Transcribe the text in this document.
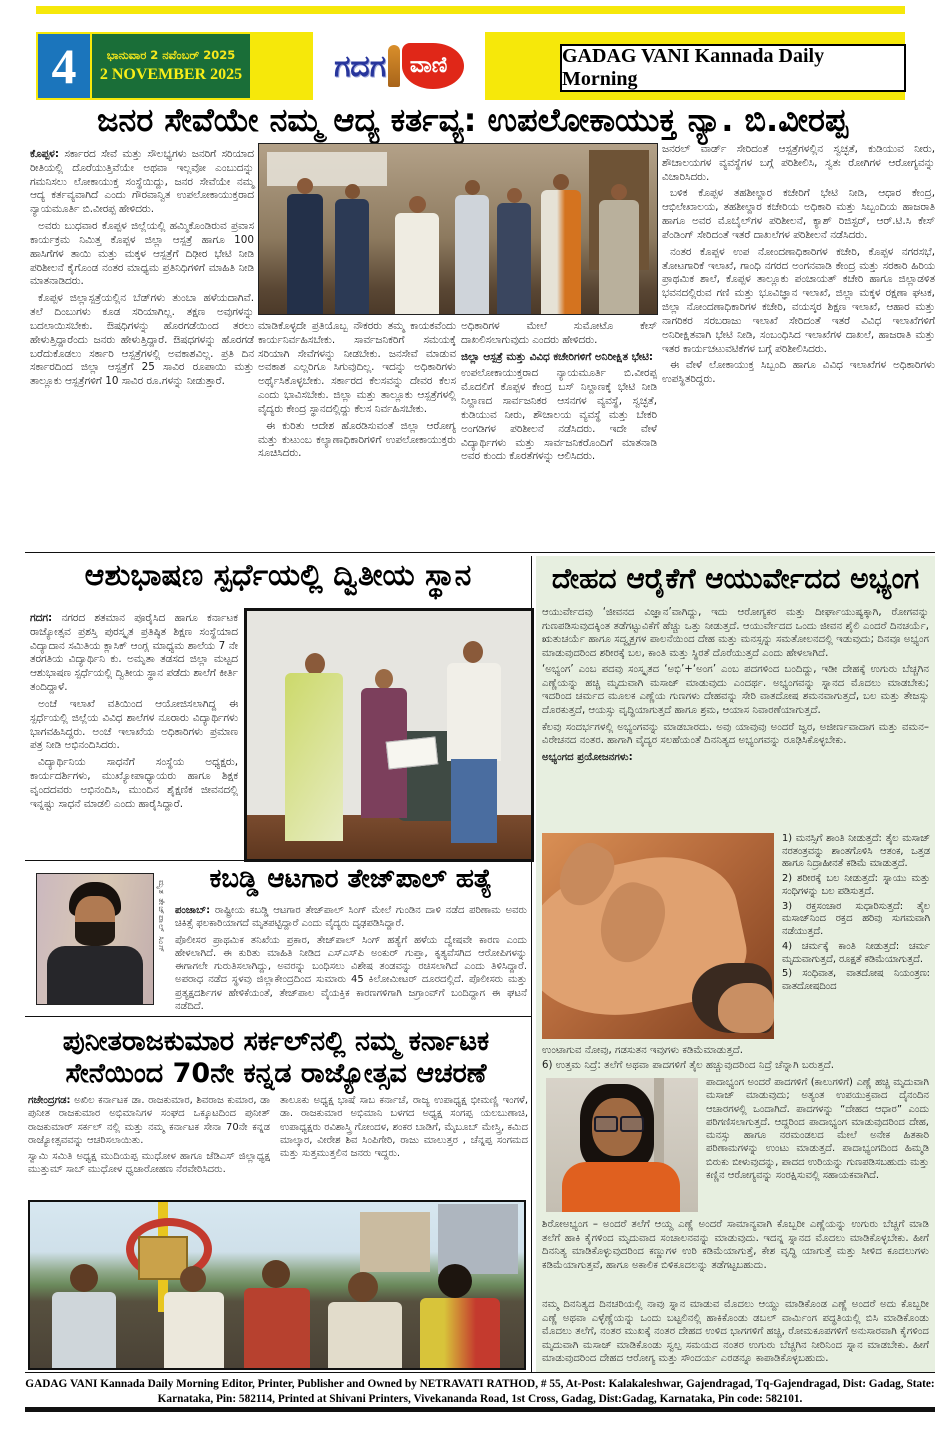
4	ಭಾನುವಾರ 2 ನವೆಂಬರ್ 2025
2 NOVEMBER 2025	ಗದಗ ವಾಣಿ	GADAG VANI Kannada Daily Morning
ಜನರ ಸೇವೆಯೇ ನಮ್ಮ ಆದ್ಯ ಕರ್ತವ್ಯ: ಉಪಲೋಕಾಯುಕ್ತ ನ್ಯಾ. ಬಿ.ವೀರಪ್ಪ

ಕೊಪ್ಪಳ: ಸರ್ಕಾರದ ಸೇವೆ ಮತ್ತು ಸೌಲಭ್ಯಗಳು ಜನರಿಗೆ ಸರಿಯಾದ ರೀತಿಯಲ್ಲಿ ದೊರೆಯುತ್ತಿವೆಯೇ ಅಥವಾ ಇಲ್ಲವೋ ಎಂಬುದನ್ನು ಗಮನಿಸಲು ಲೋಕಾಯುಕ್ತ ಸಂಸ್ಥೆಯಿದ್ದು, ಜನರ ಸೇವೆಯೇ ನಮ್ಮ ಆದ್ಯ ಕರ್ತವ್ಯವಾಗಿದೆ ಎಂದು ಗೌರವಾನ್ವಿತ ಉಪಲೋಕಾಯುಕ್ತರಾದ ನ್ಯಾಯಮೂರ್ತಿ ಬಿ.ವೀರಪ್ಪ ಹೇಳಿದರು.

ಅವರು ಬುಧವಾರ ಕೊಪ್ಪಳ ಜಿಲ್ಲೆಯಲ್ಲಿ ಹಮ್ಮಿಕೊಂಡಿರುವ ಪ್ರವಾಸ ಕಾರ್ಯಕ್ರಮ ನಿಮಿತ್ತ ಕೊಪ್ಪಳ ಜಿಲ್ಲಾ ಆಸ್ಪತ್ರೆ ಹಾಗೂ 100 ಹಾಸಿಗೆಗಳ ತಾಯಿ ಮತ್ತು ಮಕ್ಕಳ ಆಸ್ಪತ್ರೆಗೆ ದಿಢೀರ ಭೇಟಿ ನೀಡಿ ಪರಿಶೀಲನೆ ಕೈಗೊಂಡ ನಂತರ ಮಾಧ್ಯಮ ಪ್ರತಿನಿಧಿಗಳಿಗೆ ಮಾಹಿತಿ ನೀಡಿ ಮಾತನಾಡಿದರು.

ಕೊಪ್ಪಳ ಜಿಲ್ಲಾಸ್ಪತ್ರೆಯಲ್ಲಿನ ಬೆಡ್‌ಗಳು ತುಂಬಾ ಹಳೆಯದಾಗಿವೆ. ತಲೆ ದಿಂಬುಗಳು ಕೂಡ ಸರಿಯಾಗಿಲ್ಲ. ತಕ್ಷಣ ಅವುಗಳನ್ನು ಬದಲಾಯಿಸಬೇಕು. ಔಷಧಿಗಳನ್ನು ಹೊರಗಡೆಯಿಂದ ತರಲು ಹೇಳುತ್ತಿದ್ದಾರೆಂದು ಜನರು ಹೇಳುತ್ತಿದ್ದಾರೆ. ಔಷಧಗಳನ್ನು ಹೊರಗಡೆ ಬರೆದುಕೊಡಲು ಸರ್ಕಾರಿ ಆಸ್ಪತ್ರೆಗಳಲ್ಲಿ ಅವಕಾಶವಿಲ್ಲ. ಪ್ರತಿ ದಿನ ಸರ್ಕಾರದಿಂದ ಜಿಲ್ಲಾ ಆಸ್ಪತ್ರೆಗೆ 25 ಸಾವಿರ ರೂಪಾಯಿ ಮತ್ತು ತಾಲ್ಲೂಕು ಆಸ್ಪತ್ರೆಗಳಿಗೆ 10 ಸಾವಿರ ರೂ.ಗಳನ್ನು ನೀಡುತ್ತಾರೆ.

ಮಾಡಿಕೊಳ್ಳದೇ ಪ್ರತಿಯೊಬ್ಬ ನೌಕರರು ತಮ್ಮ ಕಾಯಕವೆಂದು ಕಾರ್ಯನಿರ್ವಹಿಸಬೇಕು. ಸಾರ್ವಜನಿಕರಿಗೆ ಸಮಯಕ್ಕೆ ಸರಿಯಾಗಿ ಸೇವೆಗಳನ್ನು ನೀಡಬೇಕು. ಜನಸೇವೆ ಮಾಡುವ ಅವಕಾಶ ಎಲ್ಲರಿಗೂ ಸಿಗುವುದಿಲ್ಲ. ಇದನ್ನು ಅಧಿಕಾರಿಗಳು ಅರ್ಥೈಸಿಕೊಳ್ಳಬೇಕು. ಸರ್ಕಾರದ ಕೆಲಸವನ್ನು ದೇವರ ಕೆಲಸ ಎಂದು ಭಾವಿಸಬೇಕು. ಜಿಲ್ಲಾ ಮತ್ತು ತಾಲ್ಲೂಕು ಆಸ್ಪತ್ರೆಗಳಲ್ಲಿ ವೈದ್ಯರು ಕೇಂದ್ರ ಸ್ಥಾನದಲ್ಲಿದ್ದು ಕೆಲಸ ನಿರ್ವಹಿಸಬೇಕು.

ಈ ಕುರಿತು ಆದೇಶ ಹೊರಡಿಸುವಂತೆ ಜಿಲ್ಲಾ ಆರೋಗ್ಯ ಮತ್ತು ಕುಟುಂಬ ಕಲ್ಯಾಣಾಧಿಕಾರಿಗಳಿಗೆ ಉಪಲೋಕಾಯುಕ್ತರು ಸೂಚಿಸಿದರು.

ಅಧಿಕಾರಿಗಳ ಮೇಲೆ ಸುಮೋಟೊ ಕೇಸ್ ದಾಖಲಿಸಲಾಗುವುದು ಎಂದರು ಹೇಳಿದರು.

ಜಿಲ್ಲಾ ಆಸ್ಪತ್ರೆ ಮತ್ತು ವಿವಿಧ ಕಚೇರಿಗಳಿಗೆ ಅನಿರೀಕ್ಷಿತ ಭೇಟಿ:

ಉಪಲೋಕಾಯುಕ್ತರಾದ ನ್ಯಾಯಮೂರ್ತಿ ಬಿ.ವೀರಪ್ಪ ಮೊದಲಿಗೆ ಕೊಪ್ಪಳ ಕೇಂದ್ರ ಬಸ್ ನಿಲ್ದಾಣಕ್ಕೆ ಭೇಟಿ ನೀಡಿ ನಿಲ್ದಾಣದ ಸಾರ್ವಜನಿಕರ ಆಸನಗಳ ವ್ಯವಸ್ಥೆ, ಸ್ವಚ್ಛತೆ, ಕುಡಿಯುವ ನೀರು, ಶೌಚಾಲಯ ವ್ಯವಸ್ಥೆ ಮತ್ತು ಬೇಕರಿ ಅಂಗಡಿಗಳ ಪರಿಶೀಲನೆ ನಡೆಸಿದರು. ಇದೇ ವೇಳೆ ವಿದ್ಯಾರ್ಥಿಗಳು ಮತ್ತು ಸಾರ್ವಜನಿಕರೊಂದಿಗೆ ಮಾತನಾಡಿ ಅವರ ಕುಂದು ಕೊರತೆಗಳನ್ನು ಆಲಿಸಿದರು.

ಜನರಲ್ ವಾರ್ಡ್ ಸೇರಿದಂತೆ ಆಸ್ಪತ್ರೆಗಳಲ್ಲಿನ ಸ್ವಚ್ಛತೆ, ಕುಡಿಯುವ ನೀರು, ಶೌಚಾಲಯಗಳ ವ್ಯವಸ್ಥೆಗಳ ಬಗ್ಗೆ ಪರಿಶೀಲಿಸಿ, ಸ್ವತಃ ರೋಗಿಗಳ ಆರೋಗ್ಯವನ್ನು ವಿಚಾರಿಸಿದರು.

ಬಳಿಕ ಕೊಪ್ಪಳ ತಹಶೀಲ್ದಾರ ಕಚೇರಿಗೆ ಭೇಟಿ ನೀಡಿ, ಆಧಾರ ಕೇಂದ್ರ, ಆಭಿಲೇಖಾಲಯ, ತಹಶೀಲ್ದಾರ ಕಚೇರಿಯ ಅಧಿಕಾರಿ ಮತ್ತು ಸಿಬ್ಬಂದಿಯ ಹಾಜರಾತಿ ಹಾಗೂ ಅವರ ಮೊಬೈಲ್‌ಗಳ ಪರಿಶೀಲನೆ, ಕ್ಯಾಶ್ ರಿಜಿಸ್ಟರ್, ಆರ್.ಟಿ.ಸಿ ಕೇಸ್ ಪೆಂಡಿಂಗ್ ಸೇರಿದಂತೆ ಇತರೆ ದಾಖಲೆಗಳ ಪರಿಶೀಲನೆ ನಡೆಸಿದರು.

ನಂತರ ಕೊಪ್ಪಳ ಉಪ ನೋಂದಣಾಧಿಕಾರಿಗಳ ಕಚೇರಿ, ಕೊಪ್ಪಳ ನಗರಸಭೆ, ತೋಟಗಾರಿಕೆ ಇಲಾಖೆ, ಗಾಂಧಿ ನಗರದ ಅಂಗನವಾಡಿ ಕೇಂದ್ರ ಮತ್ತು ಸರಕಾರಿ ಹಿರಿಯ ಪ್ರಾಥಮಿಕ ಶಾಲೆ, ಕೊಪ್ಪಳ ತಾಲ್ಲೂಕು ಪಂಚಾಯತ್ ಕಚೇರಿ ಹಾಗೂ ಜಿಲ್ಲಾಡಳಿತ ಭವನದಲ್ಲಿರುವ ಗಣಿ ಮತ್ತು ಭೂವಿಜ್ಞಾನ ಇಲಾಖೆ, ಜಿಲ್ಲಾ ಮಕ್ಕಳ ರಕ್ಷಣಾ ಘಟಕ, ಜಿಲ್ಲಾ ನೋಂದಣಾಧಿಕಾರಿಗಳ ಕಚೇರಿ, ವಯಸ್ಕರ ಶಿಕ್ಷಣ ಇಲಾಖೆ, ಆಹಾರ ಮತ್ತು ನಾಗರಿಕರ ಸರಬರಾಜು ಇಲಾಖೆ ಸೇರಿದಂತೆ ಇತರೆ ವಿವಿಧ ಇಲಾಖೆಗಳಿಗೆ ಅನಿರೀಕ್ಷಿತವಾಗಿ ಭೇಟಿ ನೀಡಿ, ಸಂಬಂಧಿಸಿದ ಇಲಾಖೆಗಳ ದಾಖಲೆ, ಹಾಜರಾತಿ ಮತ್ತು ಇತರ ಕಾರ್ಯಚಟುವಟಿಕೆಗಳ ಬಗ್ಗೆ ಪರಿಶೀಲಿಸಿದರು.

ಈ ವೇಳೆ ಲೋಕಾಯುಕ್ತ ಸಿಬ್ಬಂದಿ ಹಾಗೂ ವಿವಿಧ ಇಲಾಖೆಗಳ ಅಧಿಕಾರಿಗಳು ಉಪಸ್ಥಿತರಿದ್ದರು.

ಆಶುಭಾಷಣ ಸ್ಪರ್ಧೆಯಲ್ಲಿ ದ್ವಿತೀಯ ಸ್ಥಾನ

ಗದಗ: ನಗರದ ಶತಮಾನ ಪೂರೈಸಿದ ಹಾಗೂ ಕರ್ನಾಟಕ ರಾಜ್ಯೋತ್ಸವ ಪ್ರಶಸ್ತಿ ಪುರಸ್ಕೃತ ಪ್ರತಿಷ್ಠಿತ ಶಿಕ್ಷಣ ಸಂಸ್ಥೆಯಾದ ವಿದ್ಯಾದಾನ ಸಮಿತಿಯ ಕ್ಲಾಸಿಕ್ ಆಂಗ್ಲ ಮಾಧ್ಯಮ ಶಾಲೆಯ 7 ನೇ ತರಗತಿಯ ವಿದ್ಯಾರ್ಥಿನಿ ಕು. ಅಮೃತಾ ತಡಸದ ಜಿಲ್ಲಾ ಮಟ್ಟದ ಆಶುಭಾಷಣ ಸ್ಪರ್ಧೆಯಲ್ಲಿ ದ್ವಿತೀಯ ಸ್ಥಾನ ಪಡೆದು ಶಾಲೆಗೆ ಕೀರ್ತಿ ತಂದಿದ್ದಾಳೆ.

ಅಂಚೆ ಇಲಾಖೆ ವತಿಯಿಂದ ಆಯೋಜಿಸಲಾಗಿದ್ದ ಈ ಸ್ಪರ್ಧೆಯಲ್ಲಿ ಜಿಲ್ಲೆಯ ವಿವಿಧ ಶಾಲೆಗಳ ನೂರಾರು ವಿದ್ಯಾರ್ಥಿಗಳು ಭಾಗವಹಿಸಿದ್ದರು. ಅಂಚೆ ಇಲಾಖೆಯ ಅಧಿಕಾರಿಗಳು ಪ್ರಮಾಣ ಪತ್ರ ನೀಡಿ ಅಭಿನಂದಿಸಿದರು.

ವಿದ್ಯಾರ್ಥಿನಿಯ ಸಾಧನೆಗೆ ಸಂಸ್ಥೆಯ ಅಧ್ಯಕ್ಷರು, ಕಾರ್ಯದರ್ಶಿಗಳು, ಮುಖ್ಯೋಪಾಧ್ಯಾಯರು ಹಾಗೂ ಶಿಕ್ಷಕ ವೃಂದದವರು ಅಭಿನಂದಿಸಿ, ಮುಂದಿನ ಶೈಕ್ಷಣಿಕ ಜೀವನದಲ್ಲಿ ಇನ್ನಷ್ಟು ಸಾಧನೆ ಮಾಡಲಿ ಎಂದು ಹಾರೈಸಿದ್ದಾರೆ.

ಮೃತ ತೇಜ್‌ಪಾಲ್ ಸಿಂಗ್
ಕಬಡ್ಡಿ ಆಟಗಾರ ತೇಜ್‌ಪಾಲ್ ಹತ್ಯೆ

ಪಂಜಾಬ್: ರಾಷ್ಟ್ರೀಯ ಕಬಡ್ಡಿ ಆಟಗಾರ ತೇಜ್‌ಪಾಲ್ ಸಿಂಗ್ ಮೇಲೆ ಗುಂಡಿನ ದಾಳಿ ನಡೆದ ಪರಿಣಾಮ ಅವರು ಚಿಕಿತ್ಸೆ ಫಲಕಾರಿಯಾಗದೆ ಮೃತಪಟ್ಟಿದ್ದಾರೆ ಎಂದು ವೈದ್ಯರು ದೃಢಪಡಿಸಿದ್ದಾರೆ.

ಪೊಲೀಸರ ಪ್ರಾಥಮಿಕ ತನಿಖೆಯ ಪ್ರಕಾರ, ತೇಜ್‌ಪಾಲ್ ಸಿಂಗ್ ಹತ್ಯೆಗೆ ಹಳೆಯ ದ್ವೇಷವೇ ಕಾರಣ ಎಂದು ಹೇಳಲಾಗಿದೆ. ಈ ಕುರಿತು ಮಾಹಿತಿ ನೀಡಿದ ಎಸ್‌ಎಸ್‌ಪಿ ಅಂಕುರ್ ಗುಪ್ತಾ, ಕೃತ್ಯವೆಸಗಿದ ಆರೋಪಿಗಳನ್ನು ಈಗಾಗಲೇ ಗುರುತಿಸಲಾಗಿದ್ದು, ಅವರನ್ನು ಬಂಧಿಸಲು ವಿಶೇಷ ತಂಡವನ್ನು ರಚಿಸಲಾಗಿದೆ ಎಂದು ತಿಳಿಸಿದ್ದಾರೆ. ಅಪರಾಧ ನಡೆದ ಸ್ಥಳವು ಜಿಲ್ಲಾಕೇಂದ್ರದಿಂದ ಸುಮಾರು 45 ಕಿಲೋಮೀಟರ್ ದೂರದಲ್ಲಿದೆ. ಪೊಲೀಸರು ಮತ್ತು ಪ್ರತ್ಯಕ್ಷದರ್ಶಿಗಳ ಹೇಳಿಕೆಯಂತೆ, ತೇಜ್‌ಪಾಲ ವೈಯಕ್ತಿಕ ಕಾರಣಗಳಿಗಾಗಿ ಜಗ್ರಾಂವ್‌ಗೆ ಬಂದಿದ್ದಾಗ ಈ ಘಟನೆ ನಡೆದಿದೆ.

ಪುನೀತರಾಜಕುಮಾರ ಸರ್ಕಲ್‌ನಲ್ಲಿ ನಮ್ಮ ಕರ್ನಾಟಕ
ಸೇನೆಯಿಂದ 70ನೇ ಕನ್ನಡ ರಾಜ್ಯೋತ್ಸವ ಆಚರಣೆ

ಗಜೇಂದ್ರಗಡ: ಅಖಿಲ ಕರ್ನಾಟಕ ಡಾ. ರಾಜಕುಮಾರ, ಶಿವರಾಜ ಕುಮಾರ, ಡಾ ಪುನೀತ ರಾಜಕುಮಾರ ಅಭಿಮಾನಿಗಳ ಸಂಘದ ಒಕ್ಕೂಟದಿಂದ ಪುನೀತ್ ರಾಜಕುಮಾರ್ ಸರ್ಕಲ್ ನಲ್ಲಿ ಮತ್ತು ನಮ್ಮ ಕರ್ನಾಟಕ ಸೇನಾ 70ನೇ ಕನ್ನಡ ರಾಜ್ಯೋತ್ಸವವನ್ನು ಆಚರಿಸಲಾಯಿತು.

ಸ್ವಾಮಿ ಸಮಿತಿ ಅಧ್ಯಕ್ಷ ಮುದಿಯಪ್ಪ ಮುಧೋಳ ಹಾಗೂ ಜೆಡಿಎಸ್ ಜಿಲ್ಲಾಧ್ಯಕ್ಷ ಮುತ್ತುಮ್ ಸಾಬ್ ಮುಧೋಳ ಧ್ವಜಾರೋಹಣ ನೆರವೇರಿಸಿದರು.

ತಾಲೂಕು ಅಧ್ಯಕ್ಷ ಭಾಷೆ ಸಾಬ ಕರ್ನಾಚೆ, ರಾಜ್ಯ ಉಪಾಧ್ಯಕ್ಷ ಭೀಮಣ್ಣಿ ಇಂಗಳೆ, ಡಾ. ರಾಜಕುಮಾರ ಅಭಿಮಾನಿ ಬಳಗದ ಅಧ್ಯಕ್ಷ ಸಂಗಪ್ಪ ಯಲಬುಣಾಚಿ, ಉಪಾಧ್ಯಕ್ಷರು ರವಿಶಾಸ್ತ್ರಿ ಗೋಂದಳ, ಶಂಕರ ಬಾಡಿಗೆ, ಮೈಬೂಬ್ ಮೇಸ್ತ್ರಿ, ಕಮಿದ ಮಾಲ್ಕಾರ, ವೀರೇಶ ಶಿವ ಸಿಂಪಿಗೇರಿ, ರಾಜು ಮಾಲುತ್ತರ , ಚೆನ್ನಪ್ಪ ಸಂಗಮದ ಮತ್ತು ಸುತ್ತಮುತ್ತಲಿನ ಜನರು ಇದ್ದರು.

ದೇಹದ ಆರೈಕೆಗೆ ಆಯುರ್ವೇದದ ಅಭ್ಯಂಗ

ಆಯುರ್ವೇದವು ‘ಜೀವನದ ವಿಜ್ಞಾನ’ವಾಗಿದ್ದು, ಇದು ಆರೋಗ್ಯಕರ ಮತ್ತು ದೀರ್ಘಾಯುಷ್ಯಕ್ಕಾಗಿ, ರೋಗವನ್ನು ಗುಣಪಡಿಸುವುದಕ್ಕಿಂತ ತಡೆಗಟ್ಟುವಿಕೆಗೆ ಹೆಚ್ಚು ಒತ್ತು ನೀಡುತ್ತದೆ. ಆಯುರ್ವೇದದ ಒಂದು ಜೀವನ ಶೈಲಿ ಎಂದರೆ ದಿನಚರ್ಯೆ, ಋತುಚರ್ಯೆ ಹಾಗೂ ಸದ್ವೃತ್ತಗಳ ಪಾಲನೆಯಿಂದ ದೇಹ ಮತ್ತು ಮನಸ್ಸನ್ನು ಸಮತೋಲನದಲ್ಲಿ ಇಡುವುದು; ದಿನವೂ ಅಭ್ಯಂಗ ಮಾಡುವುದರಿಂದ ಶರೀರಕ್ಕೆ ಬಲ, ಕಾಂತಿ ಮತ್ತು ಸ್ಥಿರತೆ ದೊರೆಯುತ್ತದೆ ಎಂದು ಹೇಳಲಾಗಿದೆ.

‘ಅಭ್ಯಂಗ’ ಎಂಬ ಪದವು ಸಂಸ್ಕೃತದ ‘ಅಭಿ’+‘ಅಂಗ’ ಎಂಬ ಪದಗಳಿಂದ ಬಂದಿದ್ದು, ಇಡೀ ದೇಹಕ್ಕೆ ಉಗುರು ಬೆಚ್ಚಗಿನ ಎಣ್ಣೆಯನ್ನು ಹಚ್ಚಿ ಮೃದುವಾಗಿ ಮಸಾಜ್ ಮಾಡುವುದು ಎಂದರ್ಥ. ಅಭ್ಯಂಗವನ್ನು ಸ್ನಾನದ ಮೊದಲು ಮಾಡಬೇಕು; ಇದರಿಂದ ಚರ್ಮದ ಮೂಲಕ ಎಣ್ಣೆಯ ಗುಣಗಳು ದೇಹವನ್ನು ಸೇರಿ ವಾತದೋಷ ಶಮನವಾಗುತ್ತದೆ, ಬಲ ಮತ್ತು ತೇಜಸ್ಸು ದೊರಕುತ್ತದೆ, ಆಯಸ್ಸು ವೃದ್ಧಿಯಾಗುತ್ತದೆ ಹಾಗೂ ಶ್ರಮ, ಆಯಾಸ ನಿವಾರಣೆಯಾಗುತ್ತದೆ.

ಕೆಲವು ಸಂದರ್ಭಗಳಲ್ಲಿ ಅಭ್ಯಂಗವನ್ನು ಮಾಡಬಾರದು. ಅವು ಯಾವುವು ಅಂದರೆ ಜ್ವರ, ಅಜೀರ್ಣವಾದಾಗ ಮತ್ತು ವಮನ–ವಿರೇಚನದ ನಂತರ. ಹಾಗಾಗಿ ವೈದ್ಯರ ಸಲಹೆಯಂತೆ ದಿನನಿತ್ಯದ ಅಭ್ಯಂಗವನ್ನು ರೂಢಿಸಿಕೊಳ್ಳಬೇಕು.

ಅಭ್ಯಂಗದ ಪ್ರಯೋಜನಗಳು:

1) ಮನಸ್ಸಿಗೆ ಶಾಂತಿ ನೀಡುತ್ತದೆ: ತೈಲ ಮಸಾಜ್ ನರತಂತ್ರವನ್ನು ಶಾಂತಗೊಳಿಸಿ ಆತಂಕ, ಒತ್ತಡ ಹಾಗೂ ನಿದ್ರಾಹೀನತೆ ಕಡಿಮೆ ಮಾಡುತ್ತದೆ.

2) ಶರೀರಕ್ಕೆ ಬಲ ನೀಡುತ್ತದೆ: ಸ್ನಾಯು ಮತ್ತು ಸಂಧಿಗಳನ್ನು ಬಲ ಪಡಿಸುತ್ತದೆ.

3) ರಕ್ತಸಂಚಾರ ಸುಧಾರಿಸುತ್ತದೆ: ತೈಲ ಮಸಾಜ್‌ನಿಂದ ರಕ್ತದ ಹರಿವು ಸುಗಮವಾಗಿ ನಡೆಯುತ್ತದೆ.

4) ಚರ್ಮಕ್ಕೆ ಕಾಂತಿ ನೀಡುತ್ತದೆ: ಚರ್ಮ ಮೃದುವಾಗುತ್ತದೆ, ರೂಕ್ಷತೆ ಕಡಿಮೆಯಾಗುತ್ತದೆ.

5) ಸಂಧಿವಾತ, ವಾತದೋಷ ನಿಯಂತ್ರಣ: ವಾತದೋಷದಿಂದ

ಉಂಟಾಗುವ ನೋವು, ಗಡಸುತನ ಇವುಗಳು ಕಡಿಮೆಮಾಡುತ್ತದೆ.

6) ಉತ್ತಮ ನಿದ್ರೆ: ತಲೆಗೆ ಅಥವಾ ಪಾದಗಳಿಗೆ ತೈಲ ಹಚ್ಚುವುದರಿಂದ ನಿದ್ರೆ ಚೆನ್ನಾಗಿ ಬರುತ್ತದೆ.

ಪಾದಾಭ್ಯಂಗ ಅಂದರೆ ಪಾದಗಳಿಗೆ (ಕಾಲುಗಳಿಗೆ) ಎಣ್ಣೆ ಹಚ್ಚಿ ಮೃದುವಾಗಿ ಮಸಾಜ್ ಮಾಡುವುದು; ಅತ್ಯಂತ ಉಪಯುಕ್ತವಾದ ದೈನಂದಿನ ಆಚಾರಗಳಲ್ಲಿ ಒಂದಾಗಿದೆ. ಪಾದಗಳನ್ನು “ದೇಹದ ಆಧಾರ” ಎಂದು ಪರಿಗಣಿಸಲಾಗುತ್ತದೆ. ಆದ್ದರಿಂದ ಪಾದಾಭ್ಯಂಗ ಮಾಡುವುದರಿಂದ ದೇಹ, ಮನಸ್ಸು ಹಾಗೂ ನರಮಂಡಲದ ಮೇಲೆ ಅನೇಕ ಹಿತಕಾರಿ ಪರಿಣಾಮಗಳನ್ನು ಉಂಟು ಮಾಡುತ್ತದೆ. ಪಾದಾಭ್ಯಂಗದಿಂದ ಹಿಮ್ಮಡಿ ಬಿರುಕು ಬೀಳುವುದನ್ನು, ಪಾದದ ಉರಿಯನ್ನು ಗುಣಪಡಿಸಬಹುದು ಮತ್ತು ಕಣ್ಣಿನ ಆರೋಗ್ಯವನ್ನು ಸಂರಕ್ಷಿಸುವಲ್ಲಿ ಸಹಾಯಕವಾಗಿದೆ.

ಶಿರೋಅಭ್ಯಂಗ – ಅಂದರೆ ತಲೆಗೆ ಆಯ್ದ ಎಣ್ಣೆ ಅಂದರೆ ಸಾಮಾನ್ಯವಾಗಿ ಕೊಬ್ಬರೀ ಎಣ್ಣೆಯನ್ನು ಉಗುರು ಬೆಚ್ಚಗೆ ಮಾಡಿ ತಲೆಗೆ ಹಾಕಿ ಕೈಗಳಿಂದ ಮೃದುವಾದ ಸಂಚಾಲನವನ್ನು ಮಾಡುವುದು. ಇದನ್ನ ಸ್ನಾನದ ಮೊದಲು ಮಾಡಿಕೊಳ್ಳಬೇಕು. ಹೀಗೆ ದಿನನಿತ್ಯ ಮಾಡಿಕೊಳ್ಳುವುದರಿಂದ ಕಣ್ಣುಗಳ ಉರಿ ಕಡಿಮೆಯಾಗುತ್ತೆ, ಕೇಶ ವೃದ್ಧಿ ಯಾಗುತ್ತೆ ಮತ್ತು ಸೀಳಿದ ಕೂದಲುಗಳು ಕಡಿಮೆಯಾಗುತ್ತವೆ, ಹಾಗೂ ಅಕಾಲಿಕ ಬಿಳಿಕೂದಲನ್ನು ತಡೆಗಟ್ಟಬಹುದು.

ನಮ್ಮ ದಿನನಿತ್ಯದ ದಿನಚರಿಯಲ್ಲಿ ನಾವು ಸ್ನಾನ ಮಾಡುವ ಮೊದಲು ಆಯ್ದು ಮಾಡಿಕೊಂಡ ಎಣ್ಣೆ ಅಂದರೆ ಅದು ಕೊಬ್ಬರೀ ಎಣ್ಣೆ ಅಥವಾ ಎಳ್ಳೆಣ್ಣೆಯನ್ನು ಒಂದು ಬಟ್ಟಲಿನಲ್ಲಿ ಹಾಕಿಕೊಂಡು ಡಬಲ್ ವಾರ್ಮಿಂಗ ಪದ್ಧತಿಯಲ್ಲಿ ಬಿಸಿ ಮಾಡಿಕೊಂಡು ಮೊದಲು ತಲೆಗೆ, ನಂತರ ಮುಖಕ್ಕೆ ನಂತರ ದೇಹದ ಉಳಿದ ಭಾಗಗಳಿಗೆ ಹಚ್ಚಿ, ರೋಮಕೂಪಗಳಿಗೆ ಅನುಸಾರವಾಗಿ ಕೈಗಳಿಂದ ಮೃದುವಾಗಿ ಮಸಾಜ್ ಮಾಡಿಕೊಂಡು ಸ್ವಲ್ಪ ಸಮಯದ ನಂತರ ಉಗುರು ಬೆಚ್ಚಗಿನ ನೀರಿನಿಂದ ಸ್ನಾನ ಮಾಡಬೇಕು. ಹೀಗೆ ಮಾಡುವುದರಿಂದ ದೇಹದ ಆರೋಗ್ಯ ಮತ್ತು ಸೌಂದರ್ಯ ಎರಡನ್ನೂ ಕಾಪಾಡಿಕೊಳ್ಳಬಹುದು.

GADAG VANI Kannada Daily Morning Editor, Printer, Publisher and Owned by NETRAVATI RATHOD, # 55, At-Post: Kalakaleshwar, Gajendragad, Tq-Gajendragad, Dist: Gadag, State:
Karnataka, Pin: 582114, Printed at Shivani Printers, Vivekananda Road, 1st Cross, Gadag, Dist:Gadag, Karnataka, Pin code: 582101.
